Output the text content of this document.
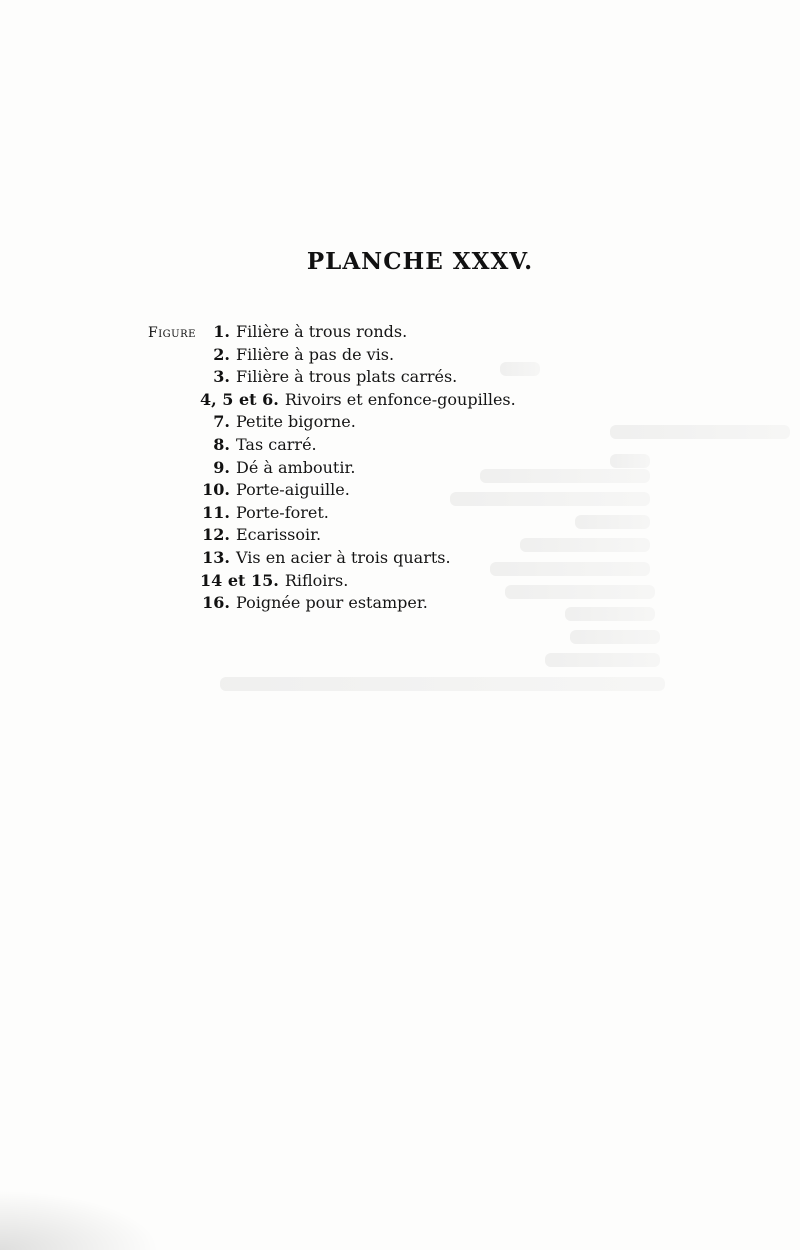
PLANCHE XXXV.
Figure 1. Filière à trous ronds.
2. Filière à pas de vis.
3. Filière à trous plats carrés.
4, 5 et 6. Rivoirs et enfonce-goupilles.
7. Petite bigorne.
8. Tas carré.
9. Dé à amboutir.
10. Porte-aiguille.
11. Porte-foret.
12. Ecarissoir.
13. Vis en acier à trois quarts.
14 et 15. Rifloirs.
16. Poignée pour estamper.
